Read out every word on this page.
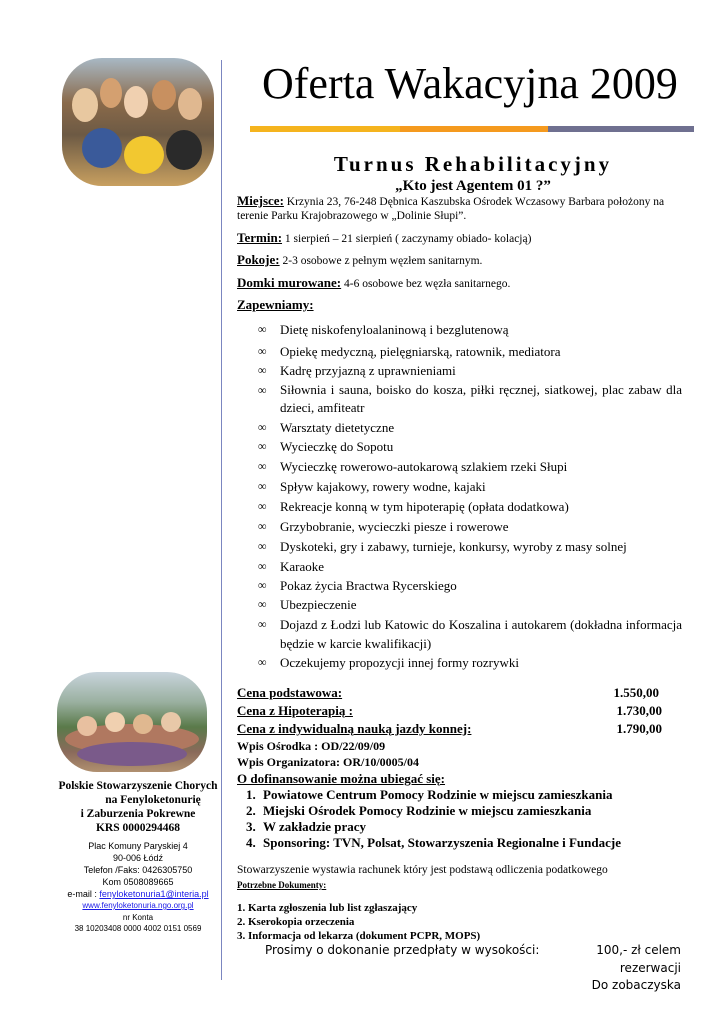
Oferta Wakacyjna 2009
Turnus Rehabilitacyjny
„Kto jest Agentem 01 ?”
Miejsce: Krzynia 23, 76-248 Dębnica Kaszubska Ośrodek Wczasowy Barbara położony na terenie Parku Krajobrazowego w „Dolinie Słupi”.
Termin: 1 sierpień – 21 sierpień ( zaczynamy obiado- kolacją)
Pokoje: 2-3 osobowe z pełnym węzłem sanitarnym.
Domki murowane: 4-6 osobowe bez węzła sanitarnego.
Zapewniamy:
∞ Dietę niskofenyloalaninową i bezglutenową
∞ Opiekę medyczną, pielęgniarską, ratownik, mediatora
∞ Kadrę przyjazną z uprawnieniami
∞ Siłownia i sauna, boisko do kosza, piłki ręcznej, siatkowej, plac zabaw dla dzieci, amfiteatr
∞ Warsztaty dietetyczne
∞ Wycieczkę do Sopotu
∞ Wycieczkę rowerowo-autokarową szlakiem rzeki Słupi
∞ Spływ kajakowy, rowery wodne, kajaki
∞ Rekreacje konną w tym hipoterapię (opłata dodatkowa)
∞ Grzybobranie, wycieczki piesze i rowerowe
∞ Dyskoteki, gry i zabawy, turnieje, konkursy, wyroby z masy solnej
∞ Karaoke
∞ Pokaz życia Bractwa Rycerskiego
∞ Ubezpieczenie
∞ Dojazd z Łodzi lub Katowic do Koszalina i autokarem (dokładna informacja będzie w karcie kwalifikacji)
∞ Oczekujemy propozycji innej formy rozrywki
Cena podstawowa:	1.550,00
Cena z Hipoterapią :	1.730,00
Cena z indywidualną nauką jazdy konnej:	1.790,00
Wpis Ośrodka : OD/22/09/09
Wpis Organizatora: OR/10/0005/04
O dofinansowanie można ubiegać się:
1. Powiatowe Centrum Pomocy Rodzinie w miejscu zamieszkania
2. Miejski Ośrodek Pomocy Rodzinie w miejscu zamieszkania
3. W zakładzie pracy
4. Sponsoring: TVN, Polsat, Stowarzyszenia Regionalne i Fundacje
Stowarzyszenie wystawia rachunek który jest podstawą odliczenia podatkowego
Potrzebne Dokumenty:
1. Karta zgłoszenia lub list zgłaszający
2. Kserokopia orzeczenia
3. Informacja od lekarza (dokument PCPR, MOPS)
Prosimy o dokonanie przedpłaty w wysokości:	100,- zł celem
rezerwacji
Do zobaczyska
Polskie Stowarzyszenie Chorych
na Fenyloketonurię
i Zaburzenia Pokrewne
KRS 0000294468
Plac Komuny Paryskiej 4
90-006 Łódź
Telefon /Faks: 0426305750
Kom 0508089665
e-mail : fenyloketonuria1@interia.pl
www.fenyloketonuria.ngo.org.pl
nr Konta
38 10203408 0000 4002 0151 0569
